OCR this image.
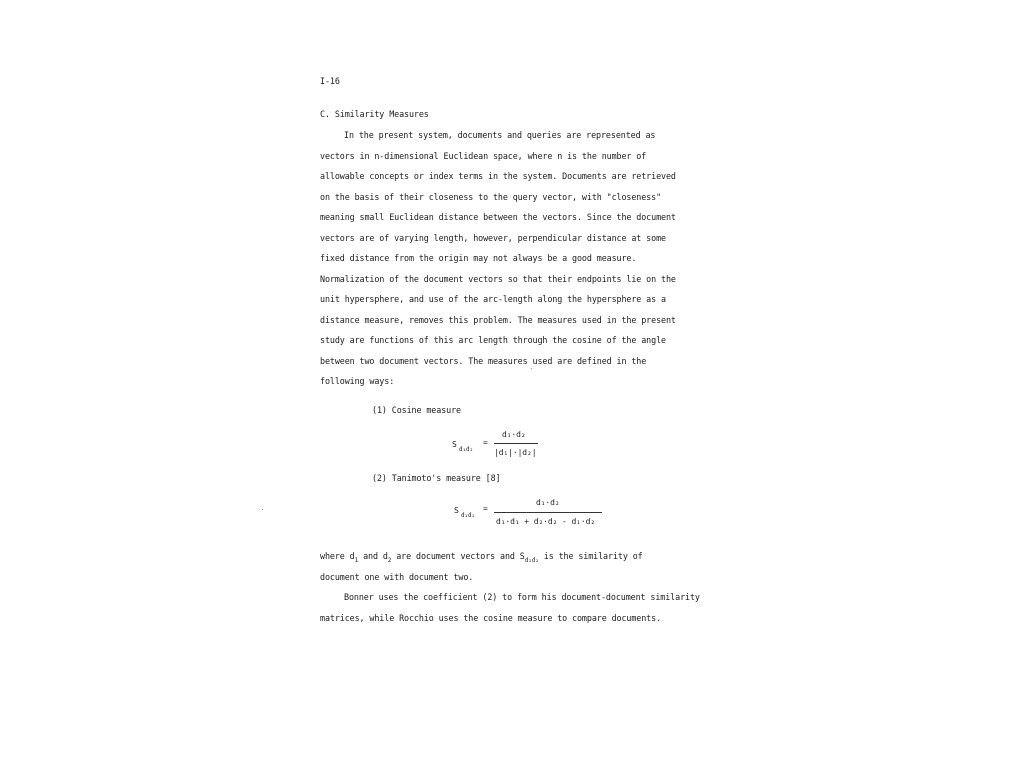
I-16
C. Similarity Measures
In the present system, documents and queries are represented as
vectors in n-dimensional Euclidean space, where n is the number of
allowable concepts or index terms in the system. Documents are retrieved
on the basis of their closeness to the query vector, with "closeness"
meaning small Euclidean distance between the vectors. Since the document
vectors are of varying length, however, perpendicular distance at some
fixed distance from the origin may not always be a good measure.
Normalization of the document vectors so that their endpoints lie on the
unit hypersphere, and use of the arc-length along the hypersphere as a
distance measure, removes this problem. The measures used in the present
study are functions of this arc length through the cosine of the angle
between two document vectors. The measures used are defined in the
following ways:
(1) Cosine measure
S
d₁d₂
=
d₁·d₂
|d₁|·|d₂|
(2) Tanimoto's measure [8]
S
d₁d₂
=
d₁·d₂
d₁·d₁ + d₂·d₂ - d₁·d₂
where $d_1$ and $d_2$ are document vectors and $S_{d_1d_2}$ is the similarity of
document one with document two.
Bonner uses the coefficient (2) to form his document-document similarity
matrices, while Rocchio uses the cosine measure to compare documents.
